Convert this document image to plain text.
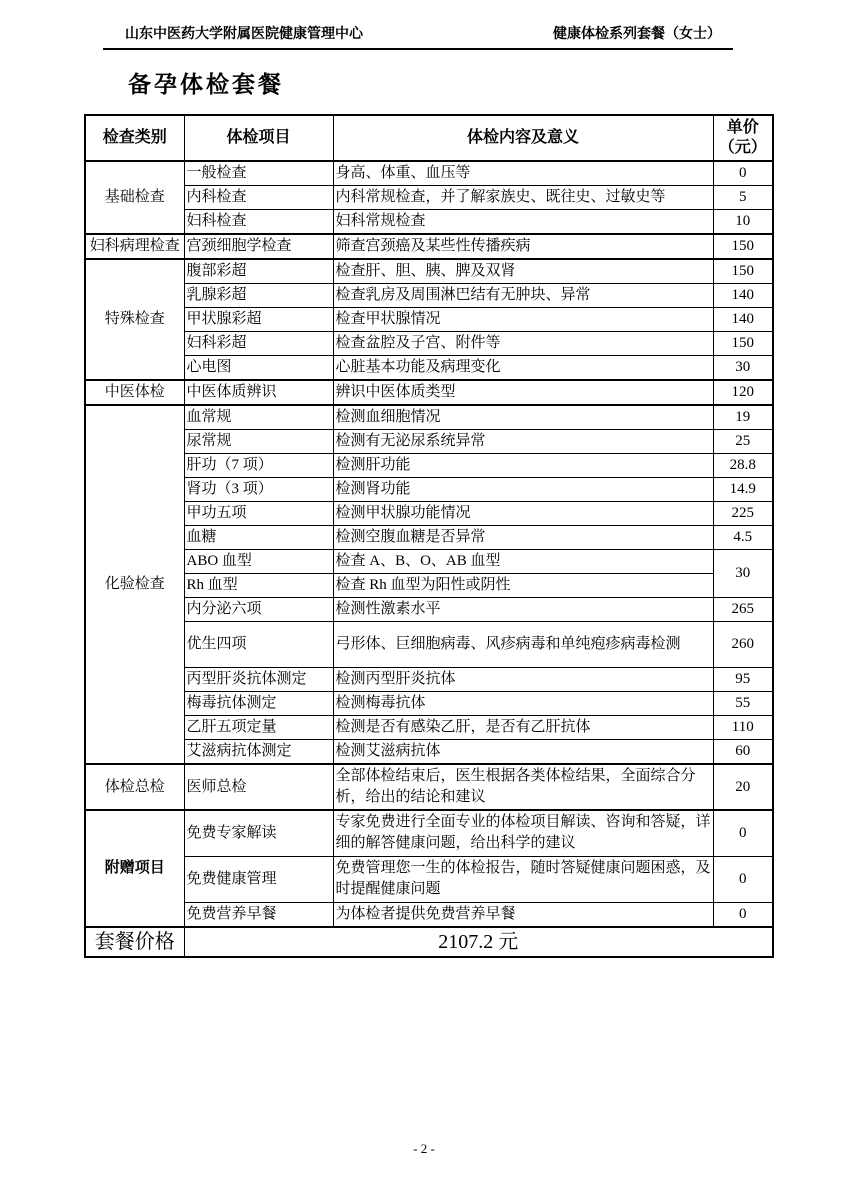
山东中医药大学附属医院健康管理中心	健康体检系列套餐（女士）
备孕体检套餐
检查类别	体检项目	体检内容及意义	单价
（元）
基础检查	一般检查	身高、体重、血压等	0
	内科检查	内科常规检查，并了解家族史、既往史、过敏史等	5
	妇科检查	妇科常规检查	10
妇科病理检查	宫颈细胞学检查	筛查宫颈癌及某些性传播疾病	150
特殊检查	腹部彩超	检查肝、胆、胰、脾及双肾	150
	乳腺彩超	检查乳房及周围淋巴结有无肿块、异常	140
	甲状腺彩超	检查甲状腺情况	140
	妇科彩超	检查盆腔及子宫、附件等	150
	心电图	心脏基本功能及病理变化	30
中医体检	中医体质辨识	辨识中医体质类型	120
化验检查	血常规	检测血细胞情况	19
	尿常规	检测有无泌尿系统异常	25
	肝功（7 项）	检测肝功能	28.8
	肾功（3 项）	检测肾功能	14.9
	甲功五项	检测甲状腺功能情况	225
	血糖	检测空腹血糖是否异常	4.5
	ABO 血型	检查 A、B、O、AB 血型	30
	Rh 血型	检查 Rh 血型为阳性或阴性	
	内分泌六项	检测性激素水平	265
	优生四项	弓形体、巨细胞病毒、风疹病毒和单纯疱疹病毒检测	260
	丙型肝炎抗体测定	检测丙型肝炎抗体	95
	梅毒抗体测定	检测梅毒抗体	55
	乙肝五项定量	检测是否有感染乙肝，是否有乙肝抗体	110
	艾滋病抗体测定	检测艾滋病抗体	60
体检总检	医师总检	全部体检结束后，医生根据各类体检结果，全面综合分析，给出的结论和建议	20
附赠项目	免费专家解读	专家免费进行全面专业的体检项目解读、咨询和答疑，详细的解答健康问题，给出科学的建议	0
	免费健康管理	免费管理您一生的体检报告，随时答疑健康问题困惑，及时提醒健康问题	0
	免费营养早餐	为体检者提供免费营养早餐	0
套餐价格	2107.2 元		
- 2 -
